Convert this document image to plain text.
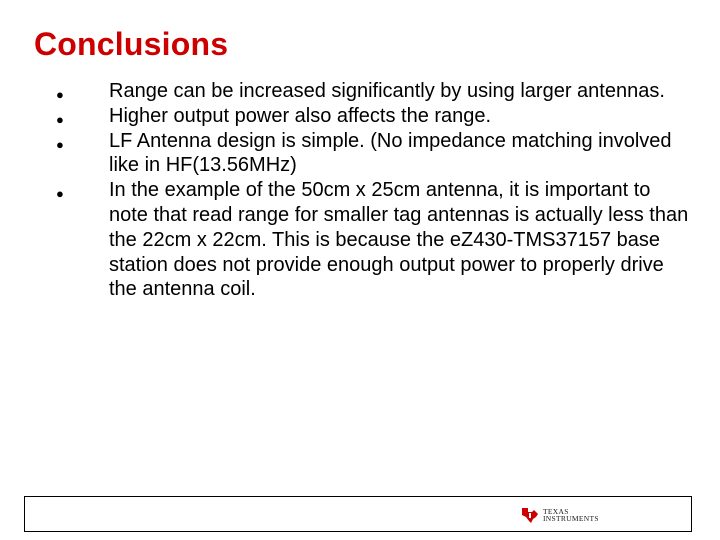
Conclusions
● Range can be increased significantly by using larger antennas.
● Higher output power also affects the range.
● LF Antenna design is simple. (No impedance matching involved like in HF(13.56MHz)
● In the example of the 50cm x 25cm antenna, it is important to note that read range for smaller tag antennas is actually less than the 22cm x 22cm. This is because the eZ430-TMS37157 base station does not provide enough output power to properly drive the antenna coil.
TEXAS
INSTRUMENTS
